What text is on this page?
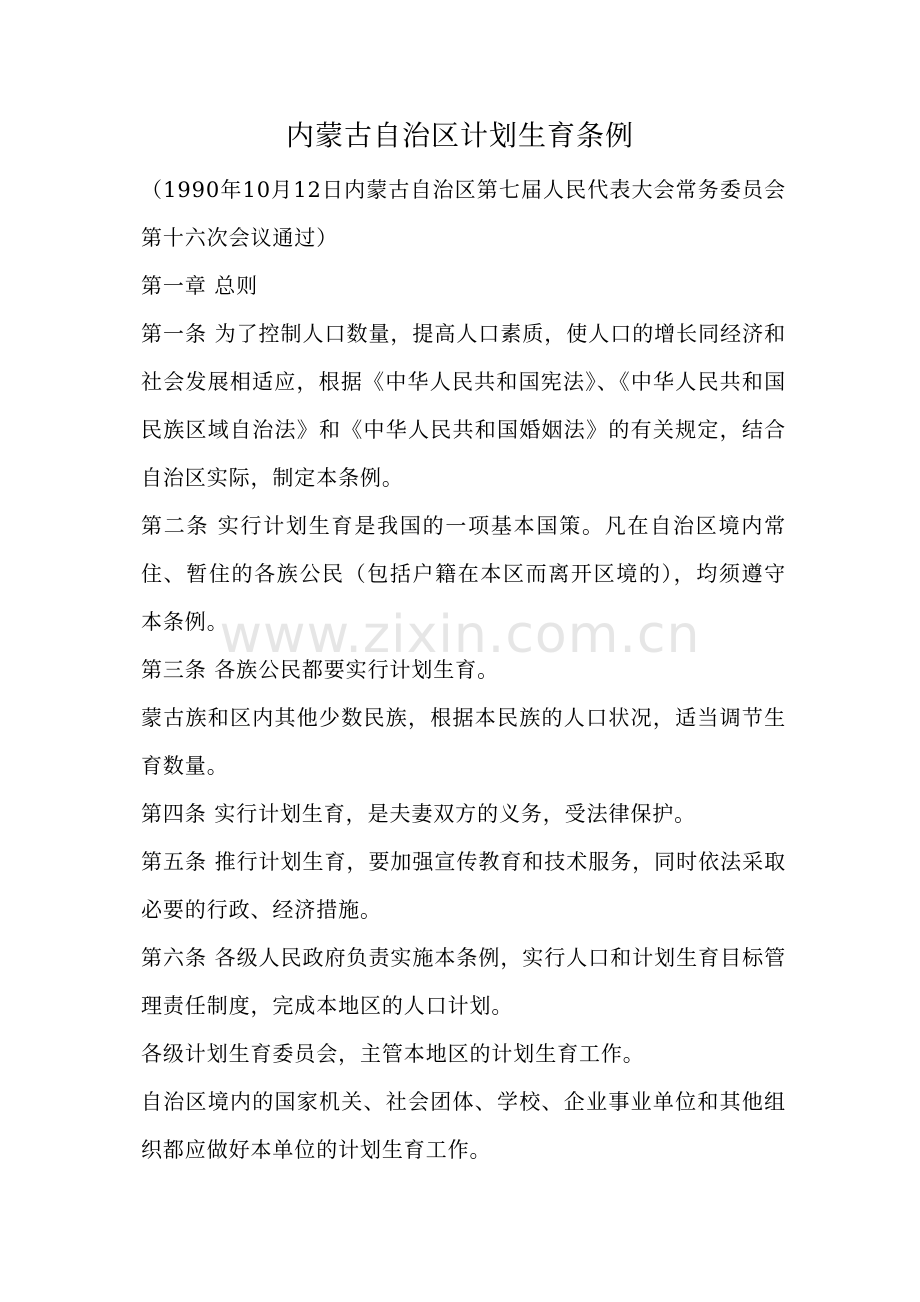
内蒙古自治区计划生育条例

（1990年10月12日内蒙古自治区第七届人民代表大会常务委员会第十六次会议通过）

第一章 总则

第一条 为了控制人口数量，提高人口素质，使人口的增长同经济和社会发展相适应，根据《中华人民共和国宪法》、《中华人民共和国民族区域自治法》和《中华人民共和国婚姻法》的有关规定，结合自治区实际，制定本条例。

第二条 实行计划生育是我国的一项基本国策。凡在自治区境内常住、暂住的各族公民（包括户籍在本区而离开区境的），均须遵守本条例。

第三条 各族公民都要实行计划生育。

蒙古族和区内其他少数民族，根据本民族的人口状况，适当调节生育数量。

第四条 实行计划生育，是夫妻双方的义务，受法律保护。

第五条 推行计划生育，要加强宣传教育和技术服务，同时依法采取必要的行政、经济措施。

第六条 各级人民政府负责实施本条例，实行人口和计划生育目标管理责任制度，完成本地区的人口计划。

各级计划生育委员会，主管本地区的计划生育工作。

自治区境内的国家机关、社会团体、学校、企业事业单位和其他组织都应做好本单位的计划生育工作。

www.zixin.com.cn
